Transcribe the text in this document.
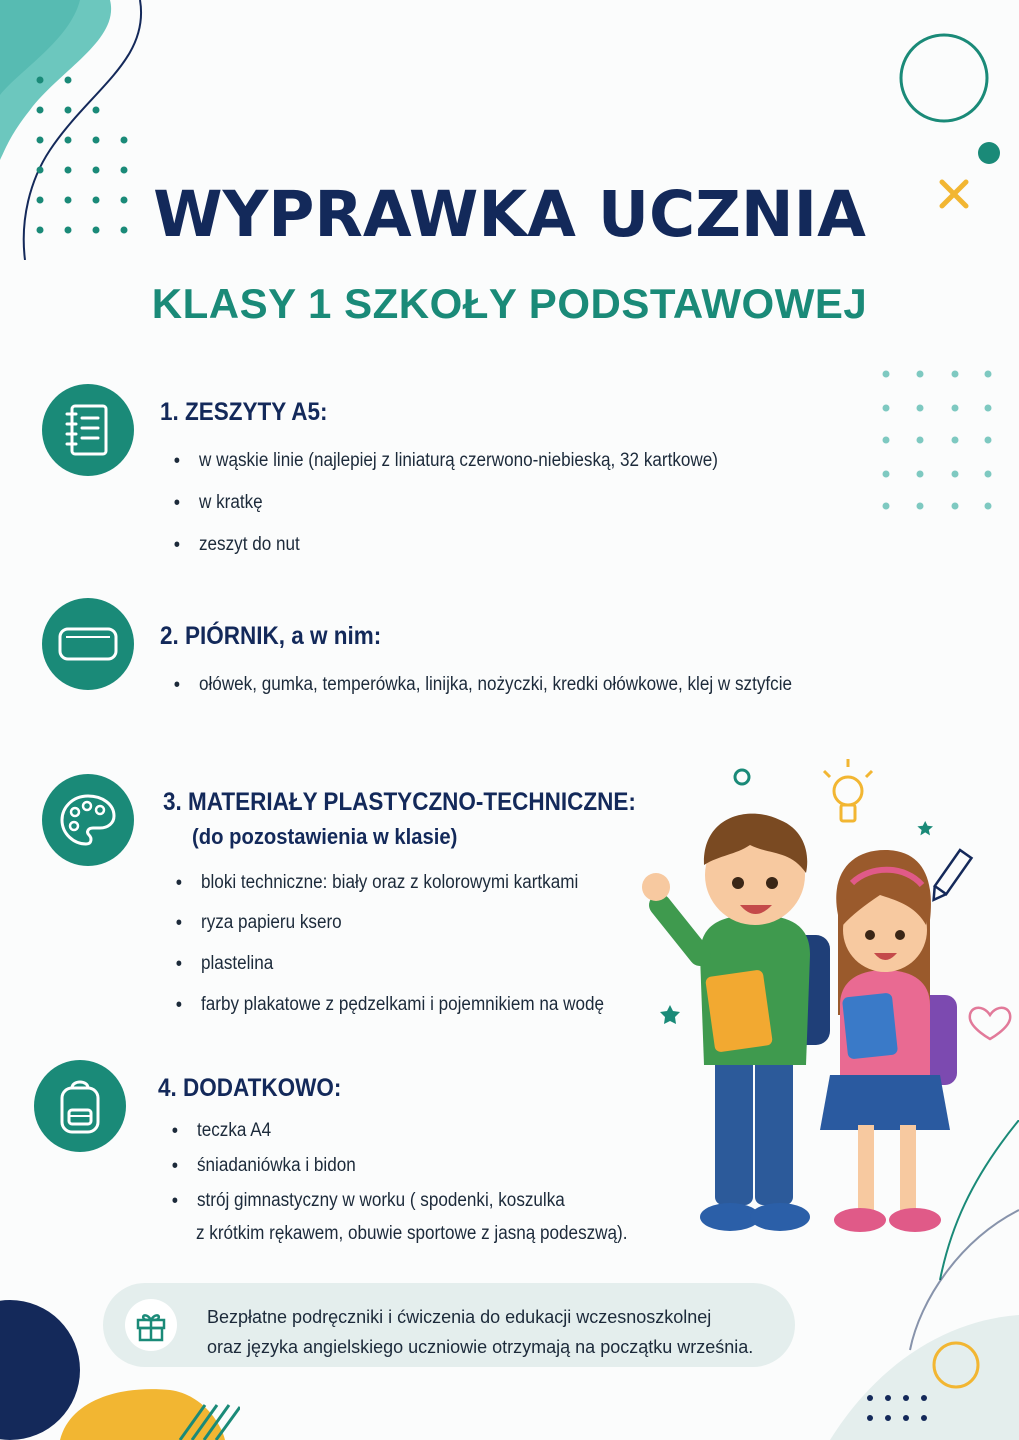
WYPRAWKA UCZNIA
KLASY 1 SZKOŁY PODSTAWOWEJ
1. ZESZYTY A5:
• w wąskie linie (najlepiej z liniaturą czerwono-niebieską, 32 kartkowe)
• w kratkę
• zeszyt do nut
2. PIÓRNIK, a w nim:
• ołówek, gumka, temperówka, linijka, nożyczki, kredki ołówkowe, klej w sztyfcie
3. MATERIAŁY PLASTYCZNO-TECHNICZNE:
(do pozostawienia w klasie)
• bloki techniczne: biały oraz z kolorowymi kartkami
• ryza papieru ksero
• plastelina
• farby plakatowe z pędzelkami i pojemnikiem na wodę
4. DODATKOWO:
• teczka A4
• śniadaniówka i bidon
• strój gimnastyczny w worku ( spodenki, koszulka
z krótkim rękawem, obuwie sportowe z jasną podeszwą).
Bezpłatne podręczniki i ćwiczenia do edukacji wczesnoszkolnej
oraz języka angielskiego uczniowie otrzymają na początku września.
